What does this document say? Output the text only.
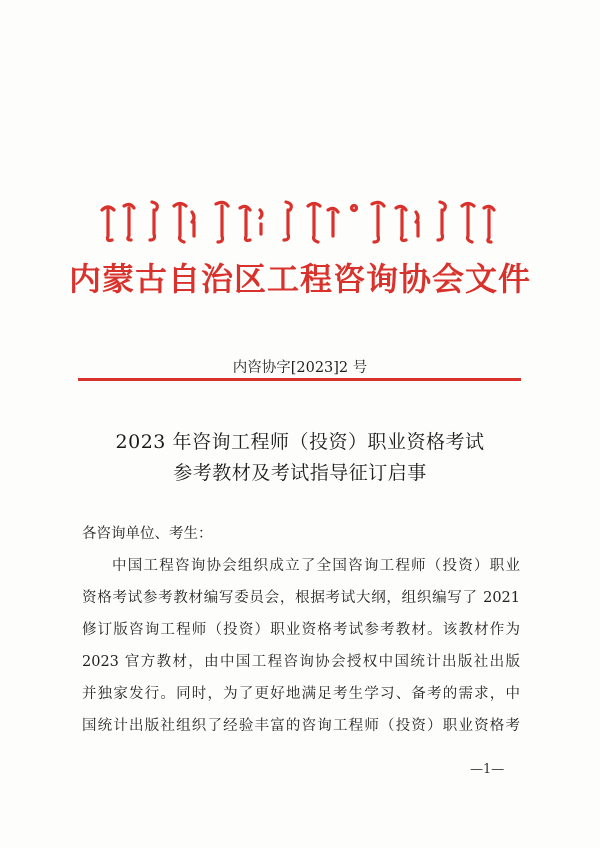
内蒙古自治区工程咨询协会文件
内咨协字[2023]2 号
2023 年咨询工程师（投资）职业资格考试
参考教材及考试指导征订启事
各咨询单位、考生：
中国工程咨询协会组织成立了全国咨询工程师（投资）职业
资格考试参考教材编写委员会，根据考试大纲，组织编写了 2021
修订版咨询工程师（投资）职业资格考试参考教材。该教材作为
2023 官方教材，由中国工程咨询协会授权中国统计出版社出版
并独家发行。同时，为了更好地满足考生学习、备考的需求，中
国统计出版社组织了经验丰富的咨询工程师（投资）职业资格考
—1—
